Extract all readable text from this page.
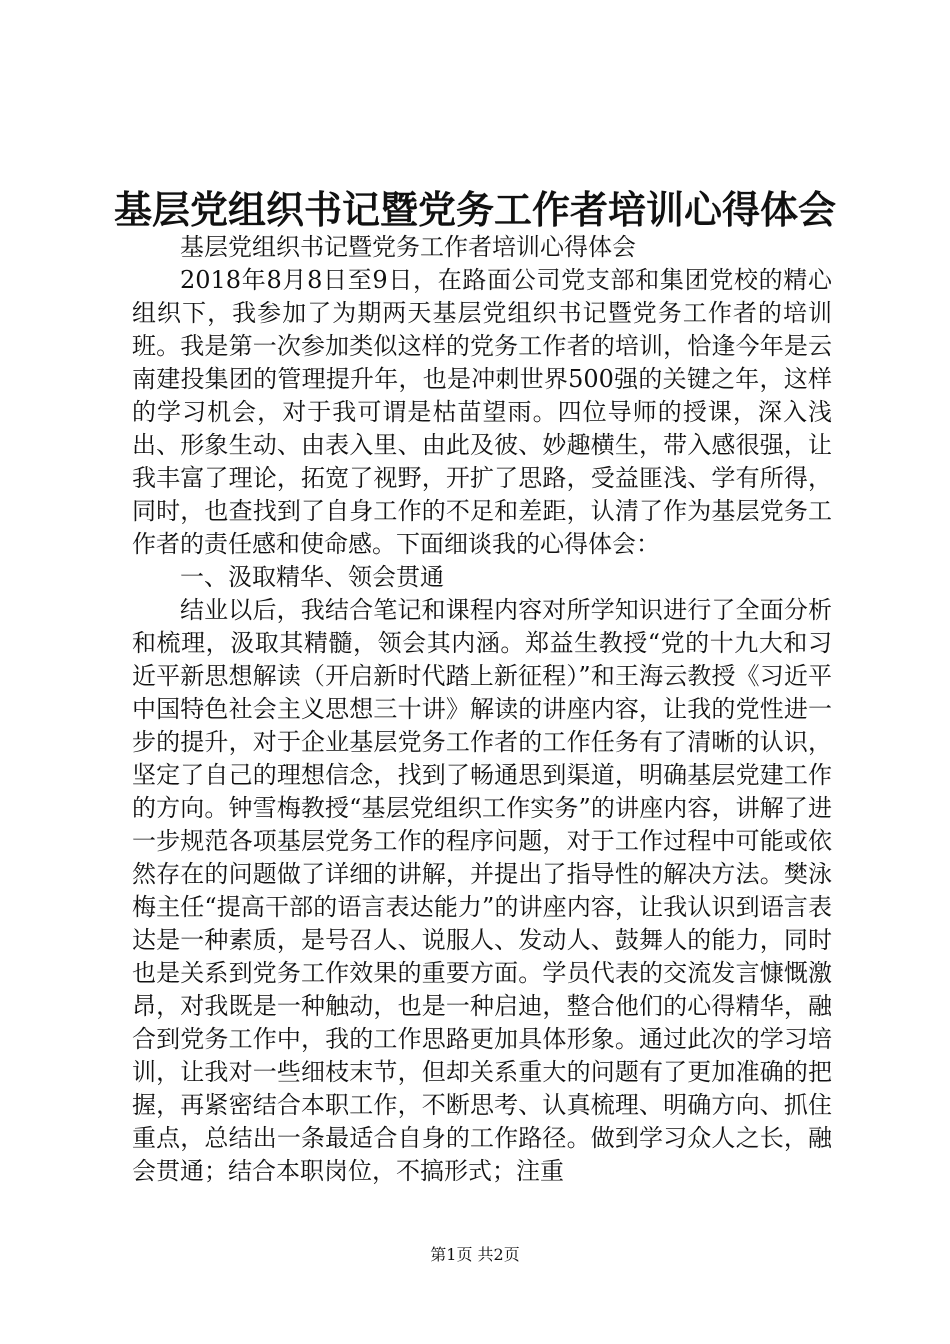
基层党组织书记暨党务工作者培训心得体会

基层党组织书记暨党务工作者培训心得体会

2018年8月8日至9日，在路面公司党支部和集团党校的精心组织下，我参加了为期两天基层党组织书记暨党务工作者的培训班。我是第一次参加类似这样的党务工作者的培训，恰逢今年是云南建投集团的管理提升年，也是冲刺世界500强的关键之年，这样的学习机会，对于我可谓是枯苗望雨。四位导师的授课，深入浅出、形象生动、由表入里、由此及彼、妙趣横生，带入感很强，让我丰富了理论，拓宽了视野，开扩了思路，受益匪浅、学有所得，同时，也查找到了自身工作的不足和差距，认清了作为基层党务工作者的责任感和使命感。下面细谈我的心得体会：

一、汲取精华、领会贯通

结业以后，我结合笔记和课程内容对所学知识进行了全面分析和梳理，汲取其精髓，领会其内涵。郑益生教授“党的十九大和习近平新思想解读（开启新时代踏上新征程）”和王海云教授《习近平中国特色社会主义思想三十讲》解读的讲座内容，让我的党性进一步的提升，对于企业基层党务工作者的工作任务有了清晰的认识，坚定了自己的理想信念，找到了畅通思到渠道，明确基层党建工作的方向。钟雪梅教授“基层党组织工作实务”的讲座内容，讲解了进一步规范各项基层党务工作的程序问题，对于工作过程中可能或依然存在的问题做了详细的讲解，并提出了指导性的解决方法。樊泳梅主任“提高干部的语言表达能力”的讲座内容，让我认识到语言表达是一种素质，是号召人、说服人、发动人、鼓舞人的能力，同时也是关系到党务工作效果的重要方面。学员代表的交流发言慷慨激昂，对我既是一种触动，也是一种启迪，整合他们的心得精华，融合到党务工作中，我的工作思路更加具体形象。通过此次的学习培训，让我对一些细枝末节，但却关系重大的问题有了更加准确的把握，再紧密结合本职工作，不断思考、认真梳理、明确方向、抓住重点，总结出一条最适合自身的工作路径。做到学习众人之长，融会贯通；结合本职岗位，不搞形式；注重

第1页 共2页
